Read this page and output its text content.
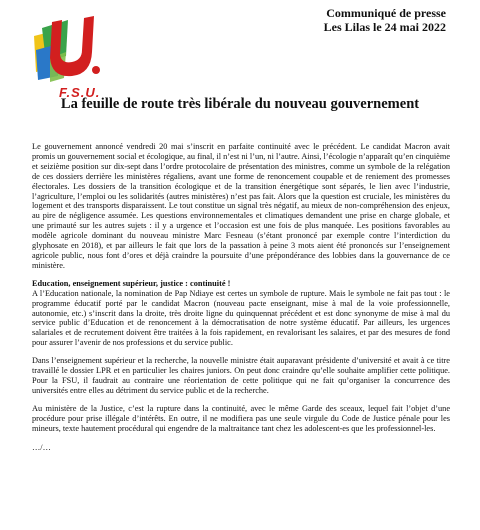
F.S.U.
Communiqué de presse
Les Lilas le 24 mai 2022
La feuille de route très libérale du nouveau gouvernement

Le gouvernement annoncé vendredi 20 mai s’inscrit en parfaite continuité avec le précédent. Le candidat Macron avait promis un gouvernement social et écologique, au final, il n’est ni l’un, ni l’autre. Ainsi, l’écologie n’apparaît qu’en cinquième et seizième position sur dix-sept dans l’ordre protocolaire de présentation des ministres, comme un symbole de la relégation de ces dossiers derrière les ministères régaliens, avant une forme de renoncement coupable et de reniement des promesses électorales. Les dossiers de la transition écologique et de la transition énergétique sont séparés, le lien avec l’industrie, l’agriculture, l’emploi ou les solidarités (autres ministères) n’est pas fait. Alors que la question est cruciale, les ministères du logement et des transports disparaissent. Le tout constitue un signal très négatif, au mieux de non-compréhension des enjeux, au pire de négligence assumée. Les questions environnementales et climatiques demandent une prise en charge globale, et une primauté sur les autres sujets : il y a urgence et l’occasion est une fois de plus manquée. Les positions favorables au modèle agricole dominant du nouveau ministre Marc Fesneau (s’étant prononcé par exemple contre l’interdiction du glyphosate en 2018), et par ailleurs le fait que lors de la passation à peine 3 mots aient été prononcés sur l’enseignement agricole public, nous font d’ores et déjà craindre la poursuite d’une prépondérance des lobbies dans la gouvernance de ce ministère.

Education, enseignement supérieur, justice : continuité !

A l’Education nationale, la nomination de Pap Ndiaye est certes un symbole de rupture. Mais le symbole ne fait pas tout : le programme éducatif porté par le candidat Macron (nouveau pacte enseignant, mise à mal de la voie professionnelle, autonomie, etc.) s’inscrit dans la droite, très droite ligne du quinquennat précédent et est donc synonyme de mise à mal du service public d’Education et de renoncement à la démocratisation de notre système éducatif. Par ailleurs, les urgences salariales et de recrutement doivent être traitées à la fois rapidement, en revalorisant les salaires, et par des mesures de fond pour assurer l’avenir de nos professions et du service public.

Dans l’enseignement supérieur et la recherche, la nouvelle ministre était auparavant présidente d’université et avait à ce titre travaillé le dossier LPR et en particulier les chaires juniors. On peut donc craindre qu’elle souhaite amplifier cette politique. Pour la FSU, il faudrait au contraire une réorientation de cette politique qui ne fait qu’organiser la concurrence des universités entre elles au détriment du service public et de la recherche.

Au ministère de la Justice, c’est la rupture dans la continuité, avec le même Garde des sceaux, lequel fait l’objet d’une procédure pour prise illégale d’intérêts. En outre, il ne modifiera pas une seule virgule du Code de Justice pénale pour les mineurs, texte hautement procédural qui engendre de la maltraitance tant chez les adolescent-es que les professionnel-les.

…/…
